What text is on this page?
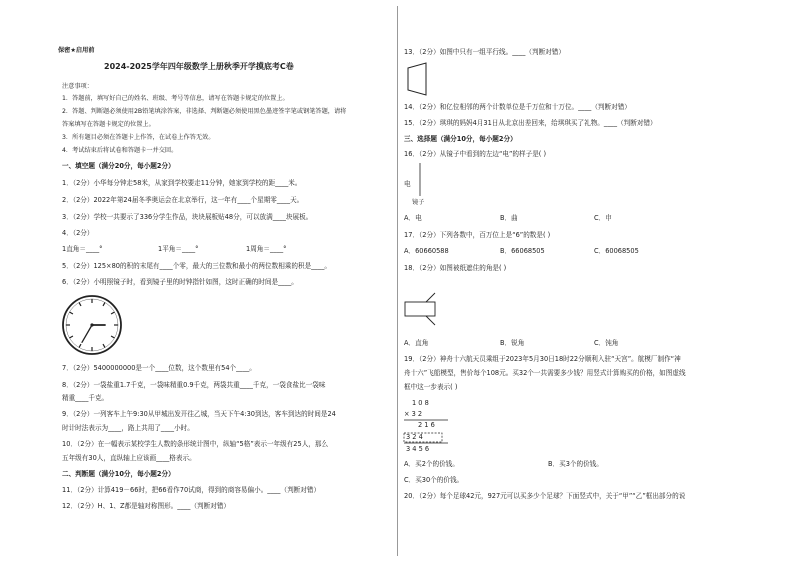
保密★启用前
2024-2025学年四年级数学上册秋季开学摸底考C卷
注意事项：
1．答题前，填写好自己的姓名、班级、考号等信息，请写在答题卡规定的位置上。
2．答题、判断题必须使用2B铅笔填涂答案，非选择、判断题必须使用黑色墨迹签字笔或钢笔答题，请将
答案填写在答题卡规定的位置上。
3．所有题目必须在答题卡上作答，在试卷上作答无效。
4．考试结束后将试卷和答题卡一并交回。
一、填空题（满分20分，每小题2分）
1．（2分）小华每分钟走58米，从家到学校要走11分钟，她家到学校的距____米。
2．（2分）2022年第24届冬季奥运会在北京举行，这一年有____个星期零____天。
3．（2分）学校一共要示了336分学生作品，块块展板贴48分，可以放满____块展板。
4．（2分）
1直角＝____°	1平角＝____°	1周角＝____°
5．（2分）125×80的积的末尾有____个零，最大的三位数和最小的两位数相乘的积是____。
6．（2分）小明照镜子时，看到镜子里的时钟指针如图，这时正确的时间是____。
7．（2分）5400000000是一个____位数，这个数里有54个____。
8．（2分）一袋盐重1.7千克，一袋味精重0.9千克，两袋共重____千克，一袋食盐比一袋味
精重____千克。
9．（2分）一列客车上午9:30从甲城出发开往乙城，当天下午4:30到达，客车到达的时间是24
时计时法表示为____，路上共用了____小时。
10．（2分）在一幅表示某校学生人数的条形统计图中，纵轴“5格”表示一年级有25人，那么
五年级有30人，直纵轴上应该画____格表示。
二、判断题（满分10分，每小题2分）
11．（2分）计算419－66时，把66看作70试商，得到的商容易偏小。____（判断对错）
12．（2分）H、1、Z都是轴对称图形。____（判断对错）
13．（2分）如图中只有一组平行线。____（判断对错）
14．（2分）和亿位相邻的两个计数单位是千万位和十万位。____（判断对错）
15．（2分）琪琪的妈妈4月31日从北京出差回来，给琪琪买了礼物。____（判断对错）
三、选择题（满分10分，每小题2分）
16．（2分）从镜子中看到的左边“电”的样子是( )
电
镜子
A．电	B．曲	C．申
17．（2分）下列各数中，百万位上是“6”的数是( )
A．60660588	B．66068505	C．60068505
18．（2分）如图被纸遮住的角是( )
A．直角	B．锐角	C．钝角
19．（2分）神舟十六航天员乘组于2023年5月30日18时22分顺利入驻“天宫”。航模厂制作“神
舟十六”飞船模型，售价每个108元。买32个一共需要多少钱？用竖式计算购买的价格，如图虚线
框中这一步表示( )
1 0 8
× 3 2
2 1 6
3 2 4
3 4 5 6
A．买2个的价钱。	B．买3个的价钱。
C．买30个的价钱。
20．（2分）每个足球42元，927元可以买多少个足球？下面竖式中，关于“甲”“乙”框出部分的说
